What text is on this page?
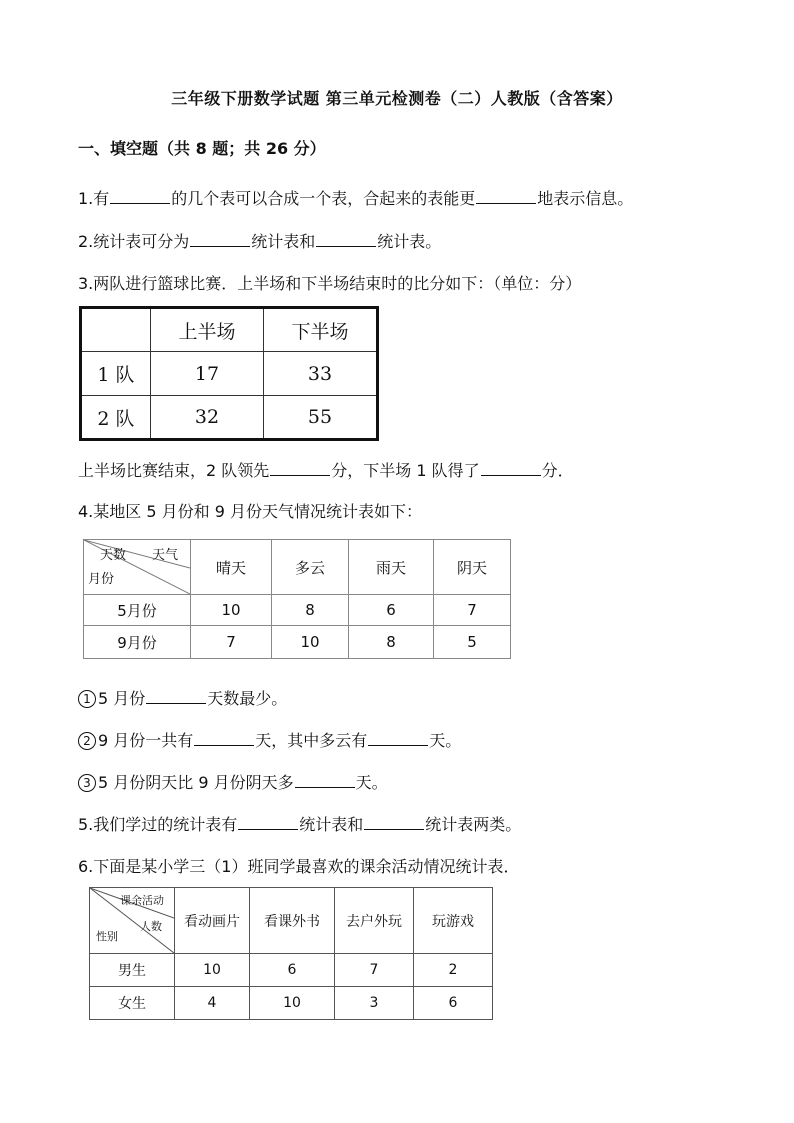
三年级下册数学试题 第三单元检测卷（二）人教版（含答案）
一、填空题（共 8 题；共 26 分）
1.有	的几个表可以合成一个表，合起来的表能更	地表示信息。
2.统计表可分为	统计表和	统计表。
3.两队进行篮球比赛．上半场和下半场结束时的比分如下：（单位：分）
	上半场	下半场
1 队	17	33
2 队	32	55
上半场比赛结束，2 队领先	分，下半场 1 队得了	分．
4.某地区 5 月份和 9 月份天气情况统计表如下：
天数 天气
月份	晴天	多云	雨天	阴天
5月份	10	8	6	7
9月份	7	10	8	5
1 5 月份	天数最少。
2 9 月份一共有	天，其中多云有	天。
3 5 月份阴天比 9 月份阴天多	天。
5.我们学过的统计表有	统计表和	统计表两类。
6.下面是某小学三（1）班同学最喜欢的课余活动情况统计表．
课余活动
人数
性别	看动画片	看课外书	去户外玩	玩游戏
男生	10	6	7	2
女生	4	10	3	6
